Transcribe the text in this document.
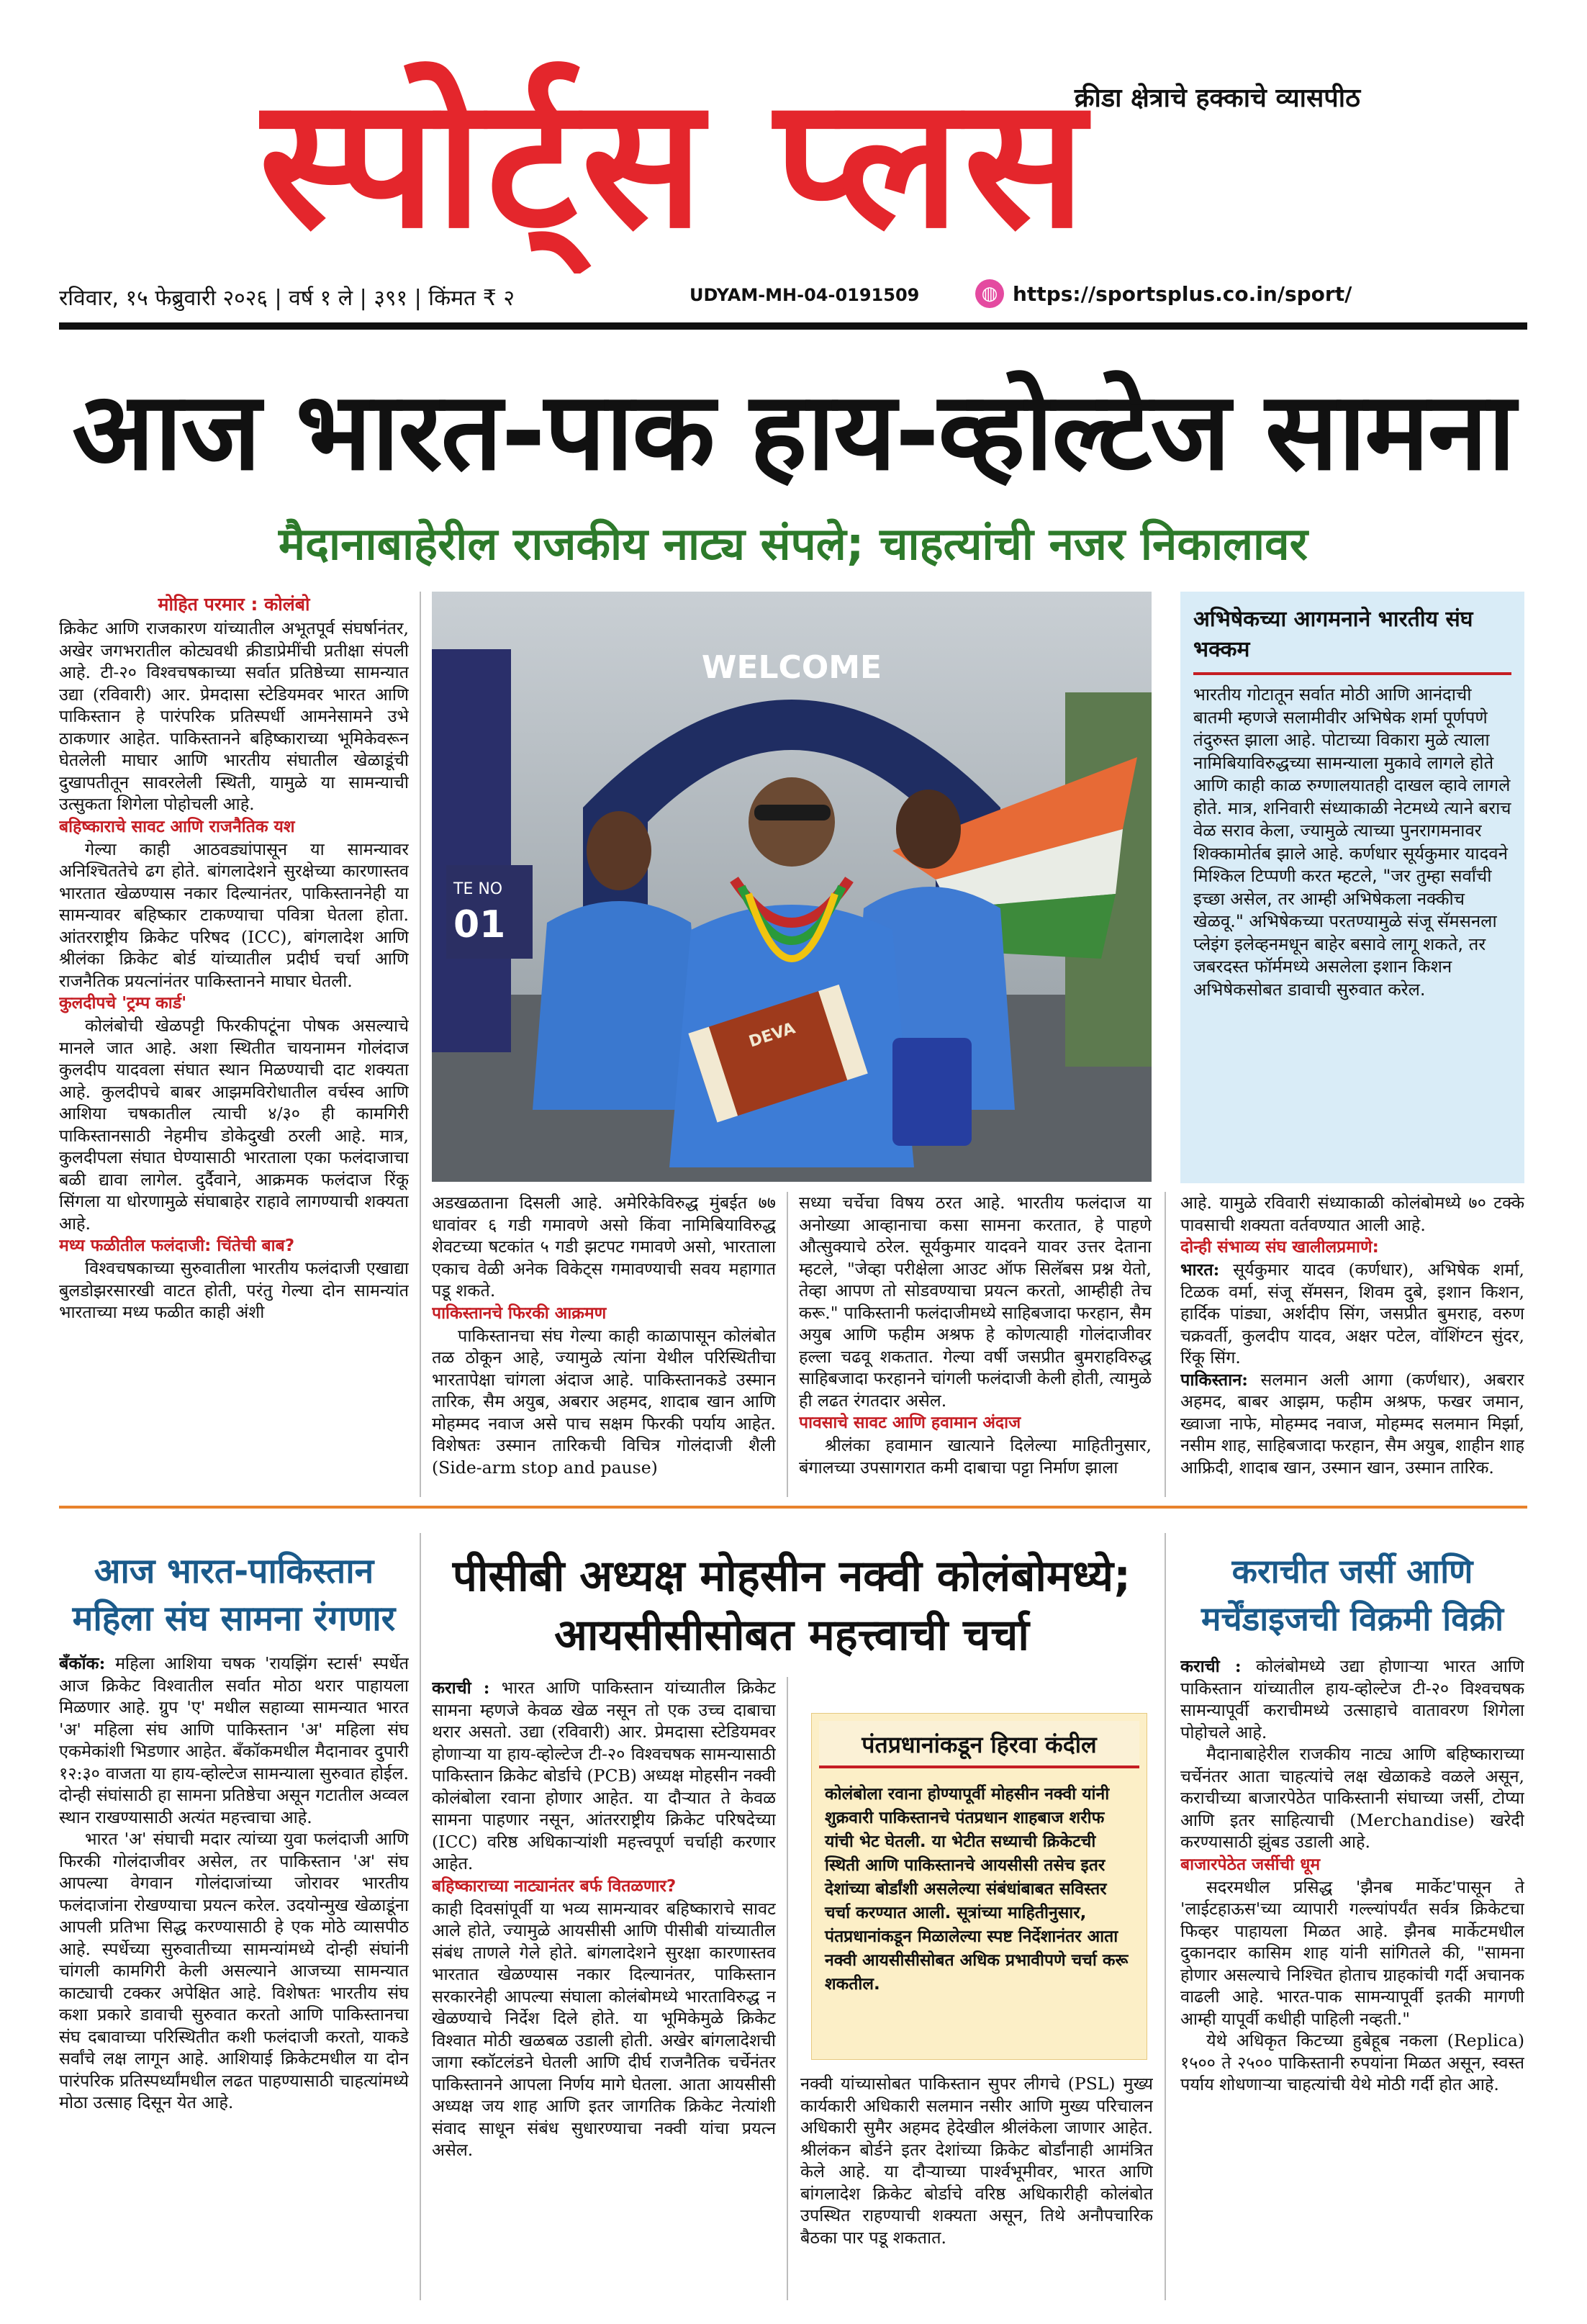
स्पोर्ट्स प्लस
क्रीडा क्षेत्राचे हक्काचे व्यासपीठ
रविवार, १५ फेब्रुवारी २०२६ | वर्ष १ ले | ३९१ | किंमत ₹ २	UDYAM-MH-04-0191509	◍ https://sportsplus.co.in/sport/
आज भारत-पाक हाय-व्होल्टेज सामना
मैदानाबाहेरील राजकीय नाट्य संपले; चाहत्यांची नजर निकालावर

मोहित परमार : कोलंबो

क्रिकेट आणि राजकारण यांच्यातील अभूतपूर्व संघर्षानंतर, अखेर जगभरातील कोट्यवधी क्रीडाप्रेमींची प्रतीक्षा संपली आहे. टी-२० विश्वचषकाच्या सर्वात प्रतिष्ठेच्या सामन्यात उद्या (रविवारी) आर. प्रेमदासा स्टेडियमवर भारत आणि पाकिस्तान हे पारंपरिक प्रतिस्पर्धी आमनेसामने उभे ठाकणार आहेत. पाकिस्तानने बहिष्काराच्या भूमिकेवरून घेतलेली माघार आणि भारतीय संघातील खेळाडूंची दुखापतीतून सावरलेली स्थिती, यामुळे या सामन्याची उत्सुकता शिगेला पोहोचली आहे.

बहिष्काराचे सावट आणि राजनैतिक यश

गेल्या काही आठवड्यांपासून या सामन्यावर अनिश्चिततेचे ढग होते. बांगलादेशने सुरक्षेच्या कारणास्तव भारतात खेळण्यास नकार दिल्यानंतर, पाकिस्ताननेही या सामन्यावर बहिष्कार टाकण्याचा पवित्रा घेतला होता. आंतरराष्ट्रीय क्रिकेट परिषद (ICC), बांगलादेश आणि श्रीलंका क्रिकेट बोर्ड यांच्यातील प्रदीर्घ चर्चा आणि राजनैतिक प्रयत्नांनंतर पाकिस्तानने माघार घेतली.

कुलदीपचे 'ट्रम्प कार्ड'

कोलंबोची खेळपट्टी फिरकीपटूंना पोषक असल्याचे मानले जात आहे. अशा स्थितीत चायनामन गोलंदाज कुलदीप यादवला संघात स्थान मिळण्याची दाट शक्यता आहे. कुलदीपचे बाबर आझमविरोधातील वर्चस्व आणि आशिया चषकातील त्याची ४/३० ही कामगिरी पाकिस्तानसाठी नेहमीच डोकेदुखी ठरली आहे. मात्र, कुलदीपला संघात घेण्यासाठी भारताला एका फलंदाजाचा बळी द्यावा लागेल. दुर्दैवाने, आक्रमक फलंदाज रिंकू सिंगला या धोरणामुळे संघाबाहेर राहावे लागण्याची शक्यता आहे.

मध्य फळीतील फलंदाजी: चिंतेची बाब?

विश्वचषकाच्या सुरुवातीला भारतीय फलंदाजी एखाद्या बुलडोझरसारखी वाटत होती, परंतु गेल्या दोन सामन्यांत भारताच्या मध्य फळीत काही अंशी

WELCOME
TE NO
01
DEVA
अभिषेकच्या आगमनाने भारतीय संघ भक्कम
भारतीय गोटातून सर्वात मोठी आणि आनंदाची बातमी म्हणजे सलामीवीर अभिषेक शर्मा पूर्णपणे तंदुरुस्त झाला आहे. पोटाच्या विकारा मुळे त्याला नामिबियाविरुद्धच्या सामन्याला मुकावे लागले होते आणि काही काळ रुग्णालयातही दाखल व्हावे लागले होते. मात्र, शनिवारी संध्याकाळी नेटमध्ये त्याने बराच वेळ सराव केला, ज्यामुळे त्याच्या पुनरागमनावर शिक्कामोर्तब झाले आहे. कर्णधार सूर्यकुमार यादवने मिश्किल टिप्पणी करत म्हटले, "जर तुम्हा सर्वांची इच्छा असेल, तर आम्ही अभिषेकला नक्कीच खेळवू." अभिषेकच्या परतण्यामुळे संजू सॅमसनला प्लेइंग इलेव्हनमधून बाहेर बसावे लागू शकते, तर जबरदस्त फॉर्ममध्ये असलेला इशान किशन अभिषेकसोबत डावाची सुरुवात करेल.

अडखळताना दिसली आहे. अमेरिकेविरुद्ध मुंबईत ७७ धावांवर ६ गडी गमावणे असो किंवा नामिबियाविरुद्ध शेवटच्या षटकांत ५ गडी झटपट गमावणे असो, भारताला एकाच वेळी अनेक विकेट्स गमावण्याची सवय महागात पडू शकते.

पाकिस्तानचे फिरकी आक्रमण

पाकिस्तानचा संघ गेल्या काही काळापासून कोलंबोत तळ ठोकून आहे, ज्यामुळे त्यांना येथील परिस्थितीचा भारतापेक्षा चांगला अंदाज आहे. पाकिस्तानकडे उस्मान तारिक, सैम अयुब, अबरार अहमद, शादाब खान आणि मोहम्मद नवाज असे पाच सक्षम फिरकी पर्याय आहेत. विशेषतः उस्मान तारिकची विचित्र गोलंदाजी शैली (Side-arm stop and pause)

सध्या चर्चेचा विषय ठरत आहे. भारतीय फलंदाज या अनोख्या आव्हानाचा कसा सामना करतात, हे पाहणे औत्सुक्याचे ठरेल. सूर्यकुमार यादवने यावर उत्तर देताना म्हटले, "जेव्हा परीक्षेला आउट ऑफ सिलॅबस प्रश्न येतो, तेव्हा आपण तो सोडवण्याचा प्रयत्न करतो, आम्हीही तेच करू." पाकिस्तानी फलंदाजीमध्ये साहिबजादा फरहान, सैम अयुब आणि फहीम अश्रफ हे कोणत्याही गोलंदाजीवर हल्ला चढवू शकतात. गेल्या वर्षी जसप्रीत बुमराहविरुद्ध साहिबजादा फरहानने चांगली फलंदाजी केली होती, त्यामुळे ही लढत रंगतदार असेल.

पावसाचे सावट आणि हवामान अंदाज

श्रीलंका हवामान खात्याने दिलेल्या माहितीनुसार, बंगालच्या उपसागरात कमी दाबाचा पट्टा निर्माण झाला

आहे. यामुळे रविवारी संध्याकाळी कोलंबोमध्ये ७० टक्के पावसाची शक्यता वर्तवण्यात आली आहे.

दोन्ही संभाव्य संघ खालीलप्रमाणे:

भारत: सूर्यकुमार यादव (कर्णधार), अभिषेक शर्मा, टिळक वर्मा, संजू सॅमसन, शिवम दुबे, इशान किशन, हार्दिक पांड्या, अर्शदीप सिंग, जसप्रीत बुमराह, वरुण चक्रवर्ती, कुलदीप यादव, अक्षर पटेल, वॉशिंग्टन सुंदर, रिंकू सिंग.

पाकिस्तान: सलमान अली आगा (कर्णधार), अबरार अहमद, बाबर आझम, फहीम अश्रफ, फखर जमान, ख्वाजा नाफे, मोहम्मद नवाज, मोहम्मद सलमान मिर्झा, नसीम शाह, साहिबजादा फरहान, सैम अयुब, शाहीन शाह आफ्रिदी, शादाब खान, उस्मान खान, उस्मान तारिक.

आज भारत-पाकिस्तान
महिला संघ सामना रंगणार

बँकॉक: महिला आशिया चषक 'रायझिंग स्टार्स' स्पर्धेत आज क्रिकेट विश्वातील सर्वात मोठा थरार पाहायला मिळणार आहे. ग्रुप 'ए' मधील सहाव्या सामन्यात भारत 'अ' महिला संघ आणि पाकिस्तान 'अ' महिला संघ एकमेकांशी भिडणार आहेत. बँकॉकमधील मैदानावर दुपारी १२:३० वाजता या हाय-व्होल्टेज सामन्याला सुरुवात होईल. दोन्ही संघांसाठी हा सामना प्रतिष्ठेचा असून गटातील अव्वल स्थान राखण्यासाठी अत्यंत महत्त्वाचा आहे.

भारत 'अ' संघाची मदार त्यांच्या युवा फलंदाजी आणि फिरकी गोलंदाजीवर असेल, तर पाकिस्तान 'अ' संघ आपल्या वेगवान गोलंदाजांच्या जोरावर भारतीय फलंदाजांना रोखण्याचा प्रयत्न करेल. उदयोन्मुख खेळाडूंना आपली प्रतिभा सिद्ध करण्यासाठी हे एक मोठे व्यासपीठ आहे. स्पर्धेच्या सुरुवातीच्या सामन्यांमध्ये दोन्ही संघांनी चांगली कामगिरी केली असल्याने आजच्या सामन्यात काट्याची टक्कर अपेक्षित आहे. विशेषतः भारतीय संघ कशा प्रकारे डावाची सुरुवात करतो आणि पाकिस्तानचा संघ दबावाच्या परिस्थितीत कशी फलंदाजी करतो, याकडे सर्वांचे लक्ष लागून आहे. आशियाई क्रिकेटमधील या दोन पारंपरिक प्रतिस्पर्ध्यांमधील लढत पाहण्यासाठी चाहत्यांमध्ये मोठा उत्साह दिसून येत आहे.

पीसीबी अध्यक्ष मोहसीन नक्वी कोलंबोमध्ये;
आयसीसीसोबत महत्त्वाची चर्चा

कराची : भारत आणि पाकिस्तान यांच्यातील क्रिकेट सामना म्हणजे केवळ खेळ नसून तो एक उच्च दाबाचा थरार असतो. उद्या (रविवारी) आर. प्रेमदासा स्टेडियमवर होणाऱ्या या हाय-व्होल्टेज टी-२० विश्वचषक सामन्यासाठी पाकिस्तान क्रिकेट बोर्डाचे (PCB) अध्यक्ष मोहसीन नक्वी कोलंबोला रवाना होणार आहेत. या दौऱ्यात ते केवळ सामना पाहणार नसून, आंतरराष्ट्रीय क्रिकेट परिषदेच्या (ICC) वरिष्ठ अधिकाऱ्यांशी महत्त्वपूर्ण चर्चाही करणार आहेत.

बहिष्काराच्या नाट्यानंतर बर्फ वितळणार?

काही दिवसांपूर्वी या भव्य सामन्यावर बहिष्काराचे सावट आले होते, ज्यामुळे आयसीसी आणि पीसीबी यांच्यातील संबंध ताणले गेले होते. बांगलादेशने सुरक्षा कारणास्तव भारतात खेळण्यास नकार दिल्यानंतर, पाकिस्तान सरकारनेही आपल्या संघाला कोलंबोमध्ये भारताविरुद्ध न खेळण्याचे निर्देश दिले होते. या भूमिकेमुळे क्रिकेट विश्वात मोठी खळबळ उडाली होती. अखेर बांगलादेशची जागा स्कॉटलंडने घेतली आणि दीर्घ राजनैतिक चर्चेनंतर पाकिस्तानने आपला निर्णय मागे घेतला. आता आयसीसी अध्यक्ष जय शाह आणि इतर जागतिक क्रिकेट नेत्यांशी संवाद साधून संबंध सुधारण्याचा नक्वी यांचा प्रयत्न असेल.

पंतप्रधानांकडून हिरवा कंदील
कोलंबोला रवाना होण्यापूर्वी मोहसीन नक्वी यांनी शुक्रवारी पाकिस्तानचे पंतप्रधान शाहबाज शरीफ यांची भेट घेतली. या भेटीत सध्याची क्रिकेटची स्थिती आणि पाकिस्तानचे आयसीसी तसेच इतर देशांच्या बोर्डांशी असलेल्या संबंधांबाबत सविस्तर चर्चा करण्यात आली. सूत्रांच्या माहितीनुसार, पंतप्रधानांकडून मिळालेल्या स्पष्ट निर्देशानंतर आता नक्वी आयसीसीसोबत अधिक प्रभावीपणे चर्चा करू शकतील.

नक्वी यांच्यासोबत पाकिस्तान सुपर लीगचे (PSL) मुख्य कार्यकारी अधिकारी सलमान नसीर आणि मुख्य परिचालन अधिकारी सुमैर अहमद हेदेखील श्रीलंकेला जाणार आहेत. श्रीलंकन बोर्डने इतर देशांच्या क्रिकेट बोर्डांनाही आमंत्रित केले आहे. या दौऱ्याच्या पार्श्वभूमीवर, भारत आणि बांगलादेश क्रिकेट बोर्डाचे वरिष्ठ अधिकारीही कोलंबोत उपस्थित राहण्याची शक्यता असून, तिथे अनौपचारिक बैठका पार पडू शकतात.

कराचीत जर्सी आणि
मर्चेंडाइजची विक्रमी विक्री

कराची : कोलंबोमध्ये उद्या होणाऱ्या भारत आणि पाकिस्तान यांच्यातील हाय-व्होल्टेज टी-२० विश्वचषक सामन्यापूर्वी कराचीमध्ये उत्साहाचे वातावरण शिगेला पोहोचले आहे.

मैदानाबाहेरील राजकीय नाट्य आणि बहिष्काराच्या चर्चेनंतर आता चाहत्यांचे लक्ष खेळाकडे वळले असून, कराचीच्या बाजारपेठेत पाकिस्तानी संघाच्या जर्सी, टोप्या आणि इतर साहित्याची (Merchandise) खरेदी करण्यासाठी झुंबड उडाली आहे.

बाजारपेठेत जर्सीची धूम

सदरमधील प्रसिद्ध 'झैनब मार्केट'पासून ते 'लाईटहाऊस'च्या व्यापारी गल्ल्यांपर्यंत सर्वत्र क्रिकेटचा फिव्हर पाहायला मिळत आहे. झैनब मार्केटमधील दुकानदार कासिम शाह यांनी सांगितले की, "सामना होणार असल्याचे निश्चित होताच ग्राहकांची गर्दी अचानक वाढली आहे. भारत-पाक सामन्यापूर्वी इतकी मागणी आम्ही यापूर्वी कधीही पाहिली नव्हती."

येथे अधिकृत किटच्या हुबेहूब नकला (Replica) १५०० ते २५०० पाकिस्तानी रुपयांना मिळत असून, स्वस्त पर्याय शोधणाऱ्या चाहत्यांची येथे मोठी गर्दी होत आहे.
